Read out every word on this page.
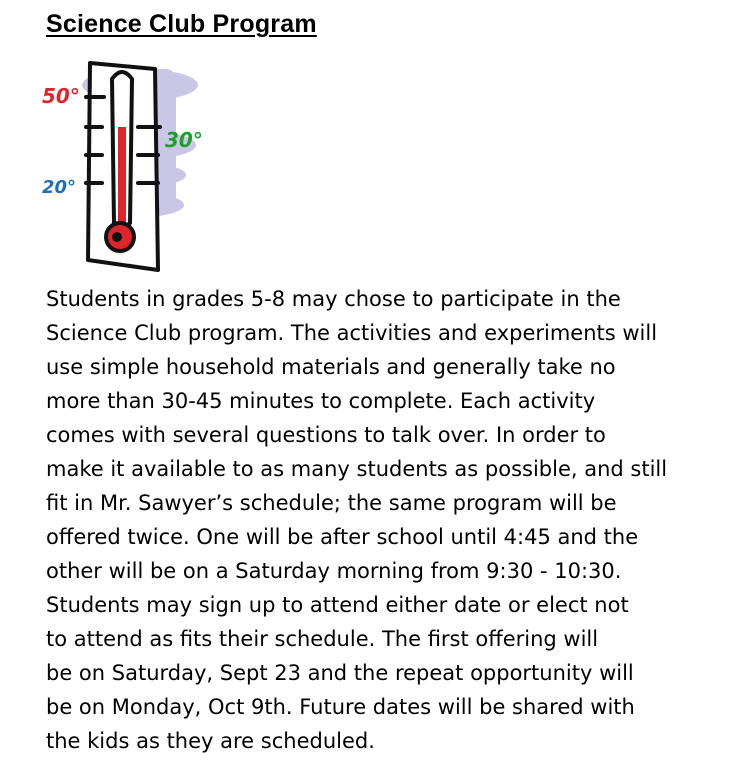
Science Club Program
50°
30°
20°

Students in grades 5-8 may chose to participate in the
Science Club program. The activities and experiments will
use simple household materials and generally take no
more than 30-45 minutes to complete. Each activity
comes with several questions to talk over. In order to
make it available to as many students as possible, and still
fit in Mr. Sawyer’s schedule; the same program will be
offered twice. One will be after school until 4:45 and the
other will be on a Saturday morning from 9:30 - 10:30.
Students may sign up to attend either date or elect not
to attend as fits their schedule. The first offering will
be on Saturday, Sept 23 and the repeat opportunity will
be on Monday, Oct 9th. Future dates will be shared with
the kids as they are scheduled.
